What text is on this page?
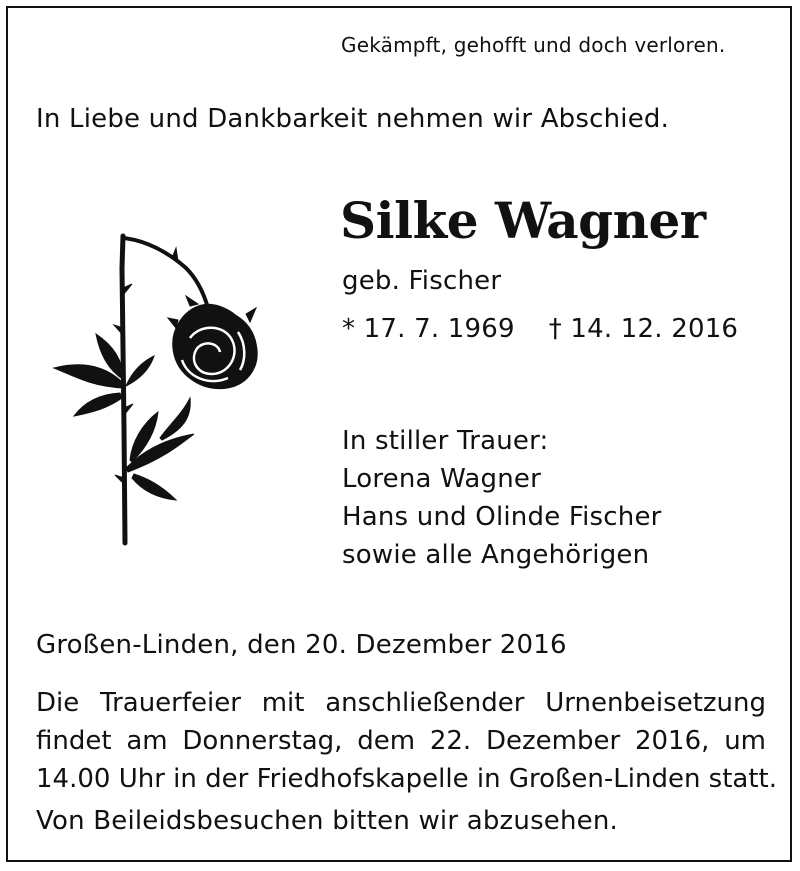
Gekämpft, gehofft und doch verloren.
In Liebe und Dankbarkeit nehmen wir Abschied.
Silke Wagner
geb. Fischer
* 17. 7. 1969 † 14. 12. 2016
In stiller Trauer:
Lorena Wagner
Hans und Olinde Fischer
sowie alle Angehörigen
Großen-Linden, den 20. Dezember 2016
Die Trauerfeier mit anschließender Urnenbeisetzung
findet am Donnerstag, dem 22. Dezember 2016, um
14.00 Uhr in der Friedhofskapelle in Großen-Linden statt.
Von Beileidsbesuchen bitten wir abzusehen.
